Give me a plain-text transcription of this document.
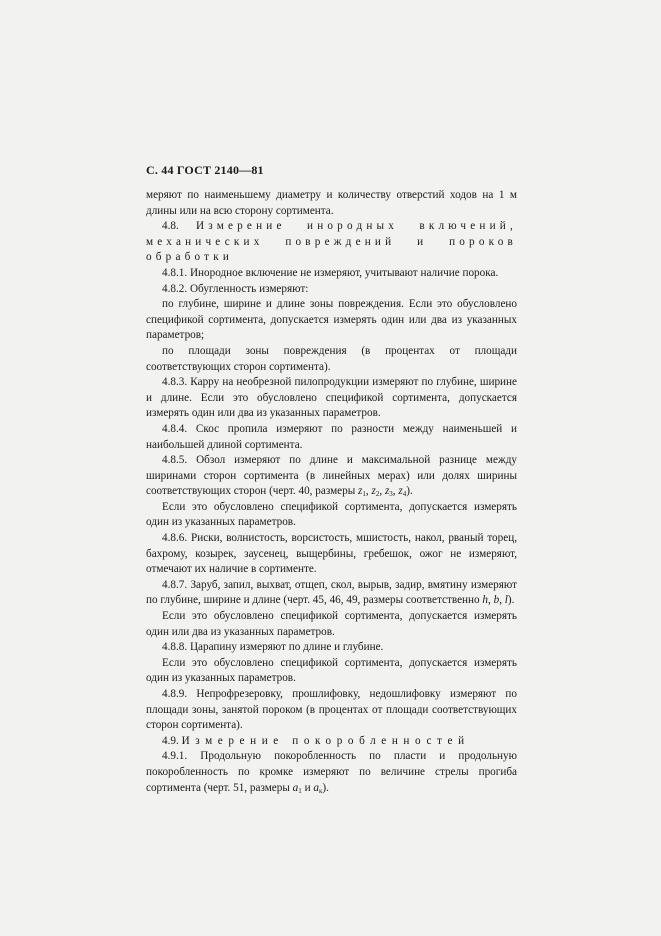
С. 44 ГОСТ 2140—81

меряют по наименьшему диаметру и количеству отверстий ходов на 1 м длины или на всю сторону сортимента.

4.8. Измерение инородных включений, механических повреждений и пороков обработки

4.8.1. Инородное включение не измеряют, учитывают наличие порока.

4.8.2. Обугленность измеряют:

по глубине, ширине и длине зоны повреждения. Если это обусловлено спецификой сортимента, допускается измерять один или два из указанных параметров;

по площади зоны повреждения (в процентах от площади соответствующих сторон сортимента).

4.8.3. Карру на необрезной пилопродукции измеряют по глубине, ширине и длине. Если это обусловлено спецификой сортимента, допускается измерять один или два из указанных параметров.

4.8.4. Скос пропила измеряют по разности между наименьшей и наибольшей длиной сортимента.

4.8.5. Обзол измеряют по длине и максимальной разнице между ширинами сторон сортимента (в линейных мерах) или долях ширины соответствующих сторон (черт. 40, размеры $z_1$, $z_2$, $z_3$, $z_4$).

Если это обусловлено спецификой сортимента, допускается измерять один из указанных параметров.

4.8.6. Риски, волнистость, ворсистость, мшистость, накол, рваный торец, бахрому, козырек, заусенец, выщербины, гребешок, ожог не измеряют, отмечают их наличие в сортименте.

4.8.7. Заруб, запил, выхват, отщеп, скол, вырыв, задир, вмятину измеряют по глубине, ширине и длине (черт. 45, 46, 49, размеры соответственно h, b, l).

Если это обусловлено спецификой сортимента, допускается измерять один или два из указанных параметров.

4.8.8. Царапину измеряют по длине и глубине.

Если это обусловлено спецификой сортимента, допускается измерять один из указанных параметров.

4.8.9. Непрофрезеровку, прошлифовку, недошлифовку измеряют по площади зоны, занятой пороком (в процентах от площади соответствующих сторон сортимента).

4.9. Измерение покоробленностей

4.9.1. Продольную покоробленность по пласти и продольную покоробленность по кромке измеряют по величине стрелы прогиба сортимента (черт. 51, размеры $a_1$ и $a_к$).
